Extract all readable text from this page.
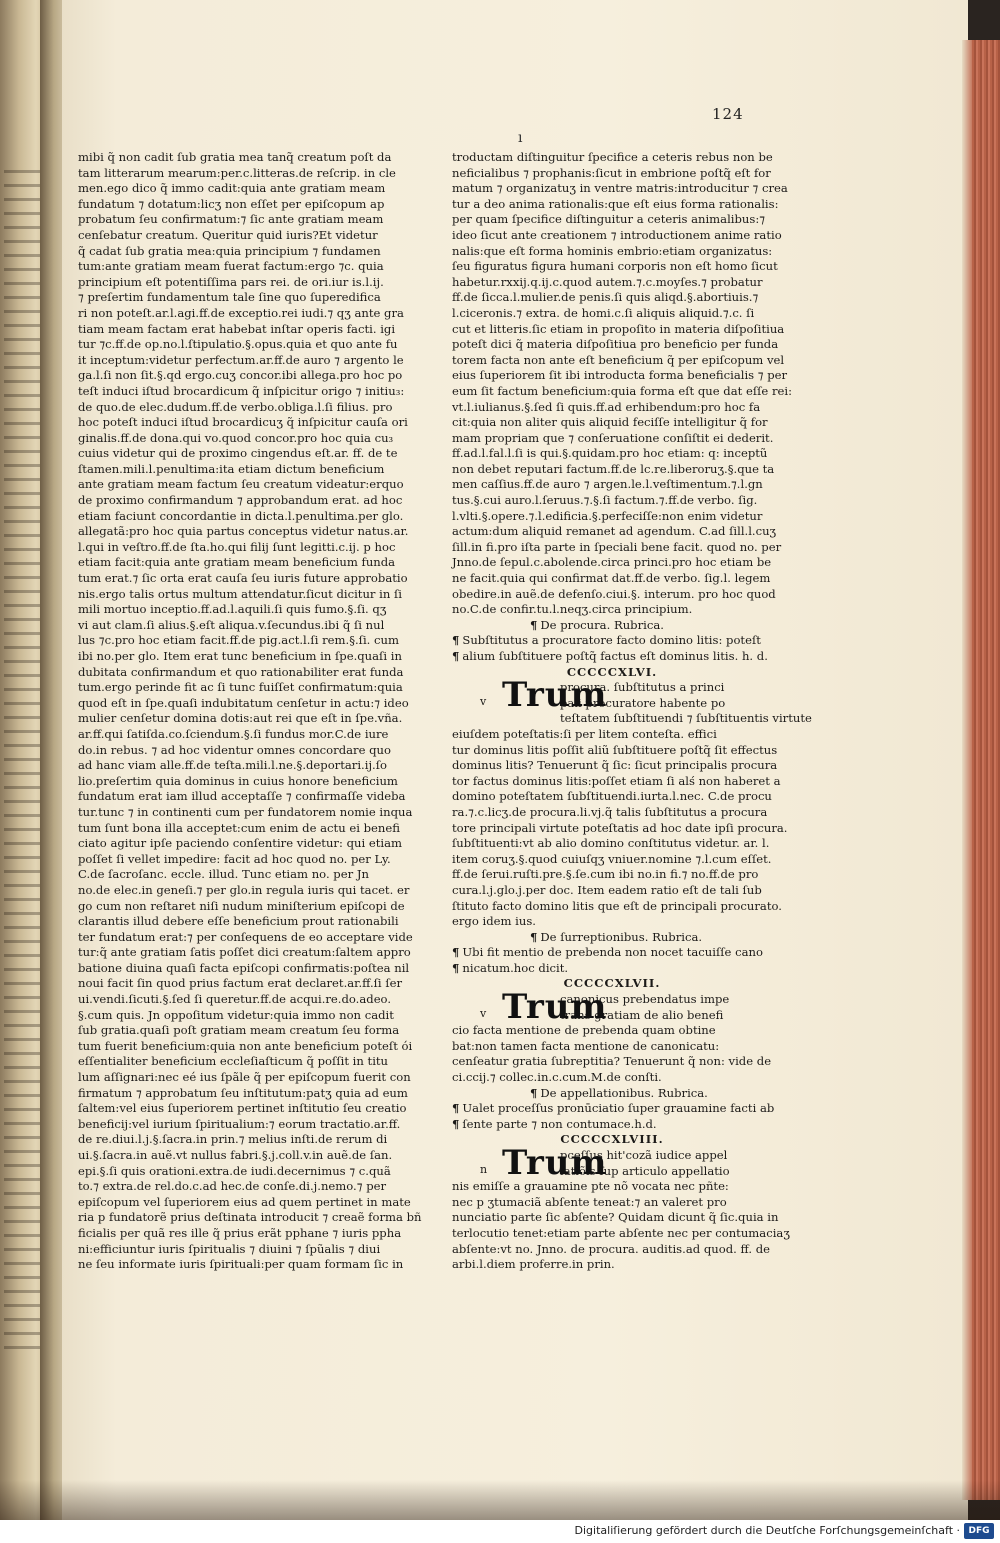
124
ı
mibi q̃ non cadit ſub gratia mea tanq̃ creatum poſt da
tam litterarum mearum:per.c.litteras.de reſcrip. in cle
men.ego dico q̃ immo cadit:quia ante gratiam meam
fundatum ⁊ dotatum:licʒ non eſſet per epiſcopum ap
probatum ſeu confirmatum:⁊ ſic ante gratiam meam
cenſebatur creatum. Queritur quid iuris?Et videtur
q̃ cadat ſub gratia mea:quia principium ⁊ fundamen
tum:ante gratiam meam fuerat factum:ergo ⁊c. quia
principium eſt potentiſſima pars rei. de ori.iur is.l.ij.
⁊ preſertim fundamentum tale ſine quo ſuperedifica
ri non poteſt.ar.l.agi.ff.de exceptio.rei iudi.⁊ qʒ ante gra
tiam meam factam erat habebat inſtar operis facti. igi
tur ⁊c.ff.de op.no.l.ſtipulatio.§.opus.quia et quo ante fu
it inceptum:videtur perfectum.ar.ff.de auro ⁊ argento le
ga.l.ſi non ſit.§.qd ergo.cuʒ concor.ibi allega.pro hoc po
teſt induci iſtud brocardicum q̃ inſpicitur origo ⁊ initiu₃:
de quo.de elec.dudum.ff.de verbo.obliga.l.ſi filius. pro
hoc poteſt induci iſtud brocardicuʒ q̃ inſpicitur cauſa ori
ginalis.ff.de dona.qui vo.quod concor.pro hoc quia cu₃
cuius videtur qui de proximo cingendus eſt.ar. ff. de te
ſtamen.mili.l.penultima:ita etiam dictum beneficium
ante gratiam meam factum ſeu creatum videatur:erquo
de proximo confirmandum ⁊ approbandum erat. ad hoc
etiam faciunt concordantie in dicta.l.penultima.per glo.
allegatã:pro hoc quia partus conceptus videtur natus.ar.
l.qui in veſtro.ff.de ſta.ho.qui filij ſunt legitti.c.ij. p hoc
etiam facit:quia ante gratiam meam beneficium funda
tum erat.⁊ ſic orta erat cauſa ſeu iuris future approbatio
nis.ergo talis ortus multum attendatur.ſicut dicitur in ſi
mili mortuo inceptio.ff.ad.l.aquili.ſi quis fumo.§.ſi. qʒ
vi aut clam.ſi alius.§.eſt aliqua.v.ſecundus.ibi q̃ ſi nul
lus ⁊c.pro hoc etiam facit.ff.de pig.act.l.ſi rem.§.ſi. cum
ibi no.per glo. Item erat tunc beneficium in ſpe.quaſi in
dubitata confirmandum et quo rationabiliter erat funda
tum.ergo perinde fit ac ſi tunc fuiſſet confirmatum:quia
quod eſt in ſpe.quaſi indubitatum cenſetur in actu:⁊ ideo
mulier cenſetur domina dotis:aut rei que eſt in ſpe.vña.
ar.ff.qui ſatiſda.co.ſciendum.§.ſi fundus mor.C.de iure
do.in rebus. ⁊ ad hoc videntur omnes concordare quo
ad hanc viam alle.ff.de teſta.mili.l.ne.§.deportari.ij.ſo
lio.preſertim quia dominus in cuius honore beneficium
fundatum erat iam illud acceptaſſe ⁊ confirmaſſe videba
tur.tunc ⁊ in continenti cum per fundatorem nomie inqua
tum ſunt bona illa acceptet:cum enim de actu ei benefi
ciato agitur ipſe paciendo conſentire videtur: qui etiam
poſſet ſi vellet impedire: facit ad hoc quod no. per Ly.
C.de ſacroſanc. eccle. illud. Tunc etiam no. per Jn
no.de elec.in geneſi.⁊ per glo.in regula iuris qui tacet. er
go cum non reſtaret niſi nudum miniſterium epiſcopi de
clarantis illud debere eſſe beneficium prout rationabili
ter fundatum erat:⁊ per conſequens de eo acceptare vide
tur:q̃ ante gratiam ſatis poſſet dici creatum:ſaltem appro
batione diuina quaſi facta epiſcopi confirmatis:poſtea nil
noui facit ſin quod prius factum erat declaret.ar.ff.ſi ſer
ui.vendi.ſicuti.§.ſed ſi queretur.ff.de acqui.re.do.adeo.
§.cum quis. Jn oppoſitum videtur:quia immo non cadit
ſub gratia.quaſi poſt gratiam meam creatum ſeu forma
tum fuerit beneficium:quia non ante beneficium poteſt ói
eſſentialiter beneficium eccleſiaſticum q̃ poſſit in titu
lum aſſignari:nec eé ius ſpãle q̃ per epiſcopum fuerit con
firmatum ⁊ approbatum ſeu inſtitutum:patʒ quia ad eum
ſaltem:vel eius ſuperiorem pertinet inſtitutio ſeu creatio
beneficij:vel iurium ſpiritualium:⁊ eorum tractatio.ar.ff.
de re.diui.l.j.§.ſacra.in prin.⁊ melius inſti.de rerum di
ui.§.ſacra.in auẽ.vt nullus fabri.§.j.coll.v.in auẽ.de ſan.
epi.§.ſi quis orationi.extra.de iudi.decernimus ⁊ c.quã
to.⁊ extra.de rel.do.c.ad hec.de conſe.di.j.nemo.⁊ per
epiſcopum vel ſuperiorem eius ad quem pertinet in mate
ria p fundatorẽ prius deſtinata introducit ⁊ creaẽ forma bñ
ficialis per quã res ille q̃ prius erãt pphane ⁊ iuris ppha
ni:efficiuntur iuris ſpiritualis ⁊ diuini ⁊ ſpũalis ⁊ diui
ne ſeu informate iuris ſpirituali:per quam formam ſic in
troductam diſtinguitur ſpecifice a ceteris rebus non be
neficialibus ⁊ prophanis:ſicut in embrione poſtq̃ eſt for
matum ⁊ organizatuʒ in ventre matris:introducitur ⁊ crea
tur a deo anima rationalis:que eſt eius forma rationalis:
per quam ſpecifice diſtinguitur a ceteris animalibus:⁊
ideo ſicut ante creationem ⁊ introductionem anime ratio
nalis:que eſt forma hominis embrio:etiam organizatus:
ſeu figuratus figura humani corporis non eſt homo ſicut
habetur.rxxij.q.ij.c.quod autem.⁊.c.moyſes.⁊ probatur
ff.de ſicca.l.mulier.de penis.ſi quis aliqd.§.abortiuis.⁊
l.ciceronis.⁊ extra. de homi.c.ſi aliquis aliquid.⁊.c. ſi
cut et litteris.ſic etiam in propoſito in materia diſpoſitiua
poteſt dici q̃ materia diſpoſitiua pro beneficio per funda
torem facta non ante eſt beneficium q̃ per epiſcopum vel
eius ſuperiorem ſit ibi introducta forma beneficialis ⁊ per
eum ſit factum beneficium:quia forma eſt que dat eſſe rei:
vt.l.iulianus.§.ſed ſi quis.ff.ad erhibendum:pro hoc fa
cit:quia non aliter quis aliquid feciſſe intelligitur q̃ for
mam propriam que ⁊ conſeruatione conſiſtit ei dederit.
ff.ad.l.fal.l.ſi is qui.§.quidam.pro hoc etiam: q: inceptũ
non debet reputari factum.ff.de lc.re.liberoruʒ.§.que ta
men caſſius.ff.de auro ⁊ argen.le.l.veſtimentum.⁊.l.gn
tus.§.cui auro.l.ſeruus.⁊.§.ſi factum.⁊.ff.de verbo. ſig.
l.vlti.§.opere.⁊.l.edificia.§.perfeciſſe:non enim videtur
actum:dum aliquid remanet ad agendum. C.ad ſill.l.cuʒ
ſill.in fi.pro iſta parte in ſpeciali bene facit. quod no. per
Jnno.de ſepul.c.abolende.circa princi.pro hoc etiam be
ne facit.quia qui confirmat dat.ff.de verbo. ſig.l. legem
obedire.in auẽ.de defenſo.ciui.§. interum. pro hoc quod
no.C.de confir.tu.l.neqʒ.circa principium.
¶ De procura. Rubrica.
¶ Subſtitutus a procuratore facto domino litis: poteſt
¶ alium ſubſtituere poſtq̃ factus eſt dominus litis. h. d.
CCCCCXLVI.
v Trum
procura. ſubſtitutus a princi
pali procuratore habente po
teſtatem ſubſtituendi ⁊ ſubſtituentis virtute
eiuſdem poteſtatis:ſi per litem conteſta. effici
tur dominus litis poſſit aliũ ſubſtituere poſtq̃ ſit effectus
dominus litis? Tenuerunt q̃ ſic: ſicut principalis procura
tor factus dominus litis:poſſet etiam ſi alś non haberet a
domino poteſtatem ſubſtituendi.iurta.l.nec. C.de procu
ra.⁊.c.licʒ.de procura.li.vj.q̃ talis ſubſtitutus a procura
tore principali virtute poteſtatis ad hoc date ipſi procura.
ſubſtituenti:vt ab alio domino conſtitutus videtur. ar. l.
item coruʒ.§.quod cuiuſqʒ vniuer.nomine ⁊.l.cum eſſet.
ff.de ſerui.ruſti.pre.§.ſe.cum ibi no.in fi.⁊ no.ff.de pro
cura.l.j.glo.j.per doc. Item eadem ratio eſt de tali ſub
ſtituto facto domino litis que eſt de principali procurato.
ergo idem ius.
¶ De ſurreptionibus. Rubrica.
¶ Ubi fit mentio de prebenda non nocet tacuiſſe cano
¶ nicatum.hoc dicit.
CCCCCXLVII.
v Trum
canonicus prebendatus impe
trans gratiam de alio benefi
cio facta mentione de prebenda quam obtine
bat:non tamen facta mentione de canonicatu:
cenſeatur gratia ſubreptitia? Tenuerunt q̃ non: vide de
ci.ccij.⁊ collec.in.c.cum.M.de conſti.
¶ De appellationibus. Rubrica.
¶ Ualet proceſſus pronūciatio ſuper grauamine facti ab
¶ ſente parte ⁊ non contumace.h.d.
CCCCCXLVIII.
n Trum
pceſſus hit'cozã iudice appel
latiõis ſup articulo appellatio
nis emiſſe a grauamine pte nõ vocata nec pñte:
nec p ʒtumaciã abſente teneat:⁊ an valeret pro
nunciatio parte ſic abſente? Quidam dicunt q̃ ſic.quia in
terlocutio tenet:etiam parte abſente nec per contumaciaʒ
abſente:vt no. Jnno. de procura. auditis.ad quod. ff. de
arbi.l.diem proferre.in prin.
Digitaliſierung gefördert durch die Deutſche Forſchungsgemeinſchaft · DFG
